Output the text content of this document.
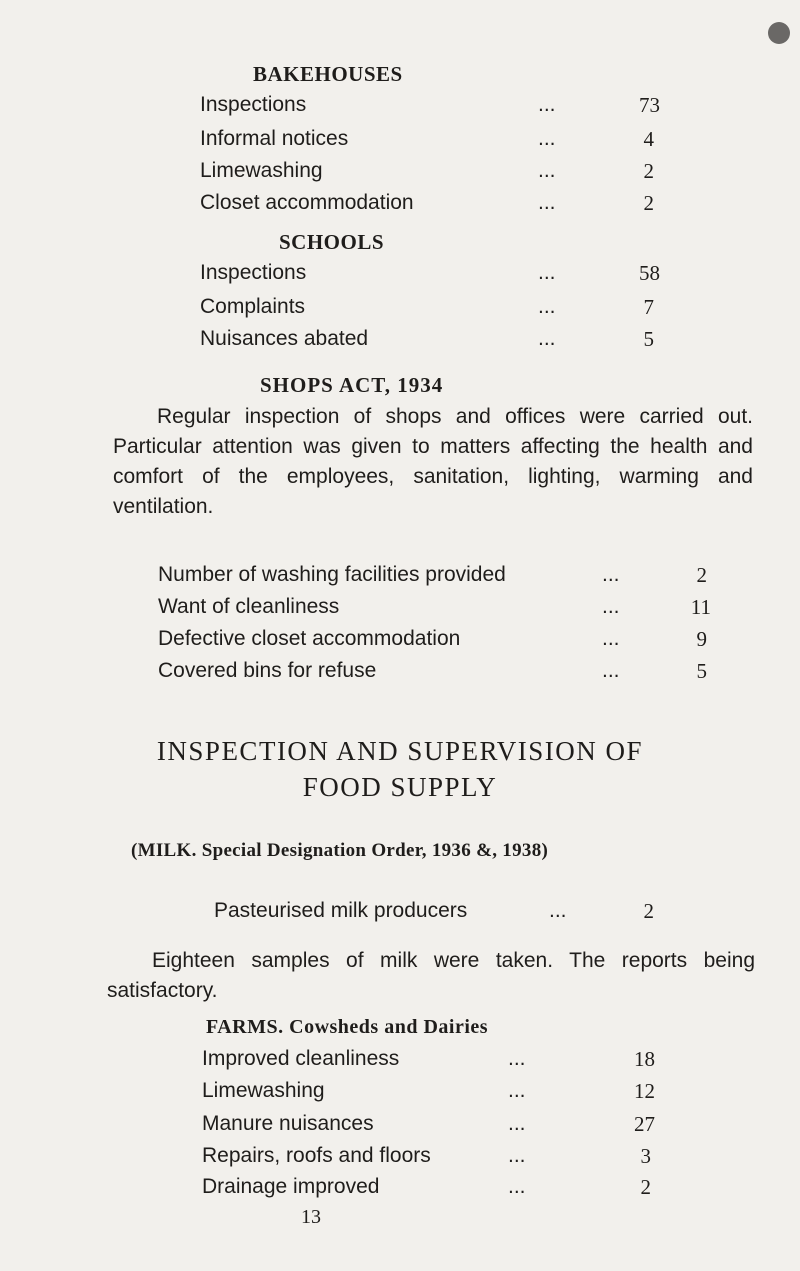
BAKEHOUSES
Inspections	...	73
Informal notices	...	4
Limewashing	...	2
Closet accommodation	...	2
SCHOOLS
Inspections	...	58
Complaints	...	7
Nuisances abated	...	5
SHOPS ACT, 1934

Regular inspection of shops and offices were carried out. Particular attention was given to matters affecting the health and comfort of the employees, sanitation, lighting, warming and ventilation.

Number of washing facilities provided	...	2
Want of cleanliness	...	11
Defective closet accommodation	...	9
Covered bins for refuse	...	5
INSPECTION AND SUPERVISION OF
FOOD SUPPLY
(MILK. Special Designation Order, 1936 &, 1938)
Pasteurised milk producers	...	2

Eighteen samples of milk were taken. The reports being satisfactory.

FARMS. Cowsheds and Dairies
Improved cleanliness	...	18
Limewashing	...	12
Manure nuisances	...	27
Repairs, roofs and floors	...	3
Drainage improved	...	2
13
